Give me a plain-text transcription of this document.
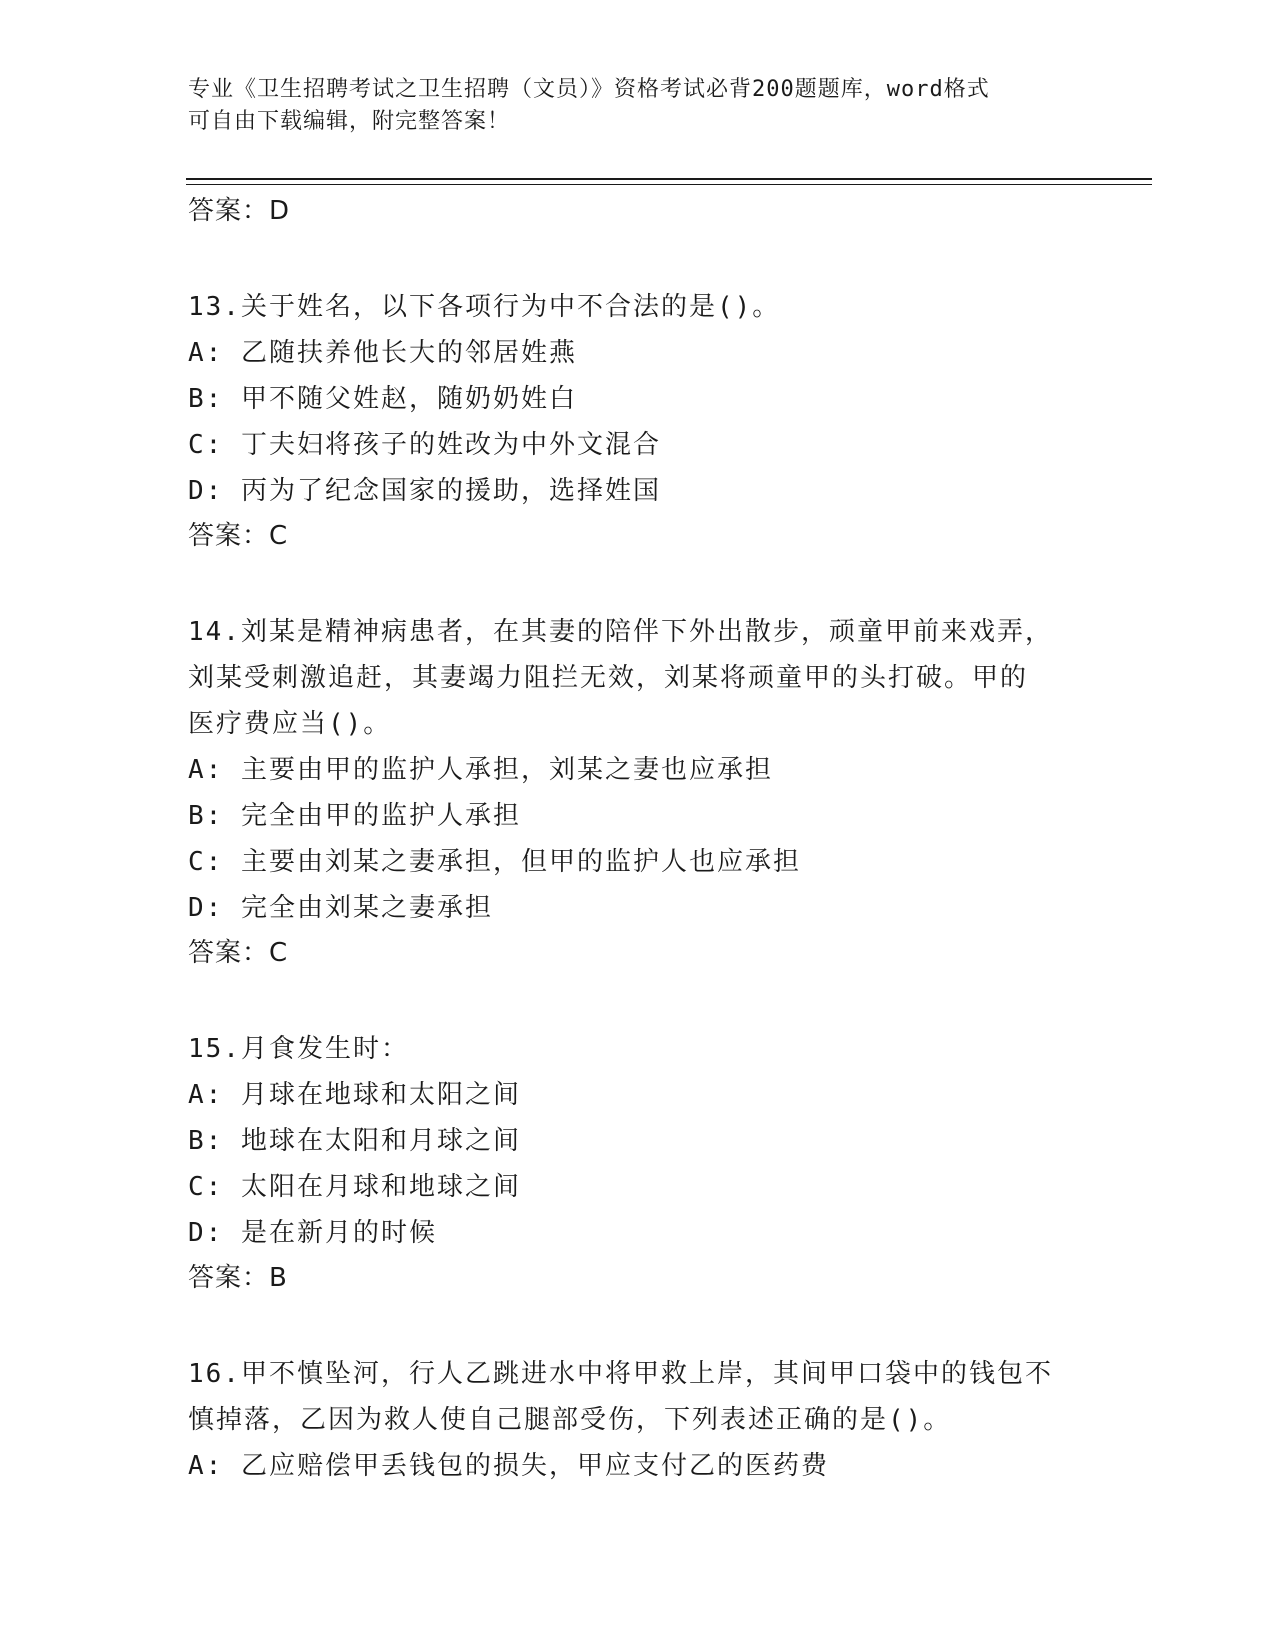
专业《卫生招聘考试之卫生招聘（文员）》资格考试必背200题题库，word格式
可自由下载编辑，附完整答案！
答案：D
13.关于姓名，以下各项行为中不合法的是()。
A: 乙随扶养他长大的邻居姓燕
B: 甲不随父姓赵，随奶奶姓白
C: 丁夫妇将孩子的姓改为中外文混合
D: 丙为了纪念国家的援助，选择姓国
答案：C
14.刘某是精神病患者，在其妻的陪伴下外出散步，顽童甲前来戏弄，
刘某受刺激追赶，其妻竭力阻拦无效，刘某将顽童甲的头打破。甲的
医疗费应当()。
A: 主要由甲的监护人承担，刘某之妻也应承担
B: 完全由甲的监护人承担
C: 主要由刘某之妻承担，但甲的监护人也应承担
D: 完全由刘某之妻承担
答案：C
15.月食发生时：
A: 月球在地球和太阳之间
B: 地球在太阳和月球之间
C: 太阳在月球和地球之间
D: 是在新月的时候
答案：B
16.甲不慎坠河，行人乙跳进水中将甲救上岸，其间甲口袋中的钱包不
慎掉落，乙因为救人使自己腿部受伤，下列表述正确的是()。
A: 乙应赔偿甲丢钱包的损失，甲应支付乙的医药费
